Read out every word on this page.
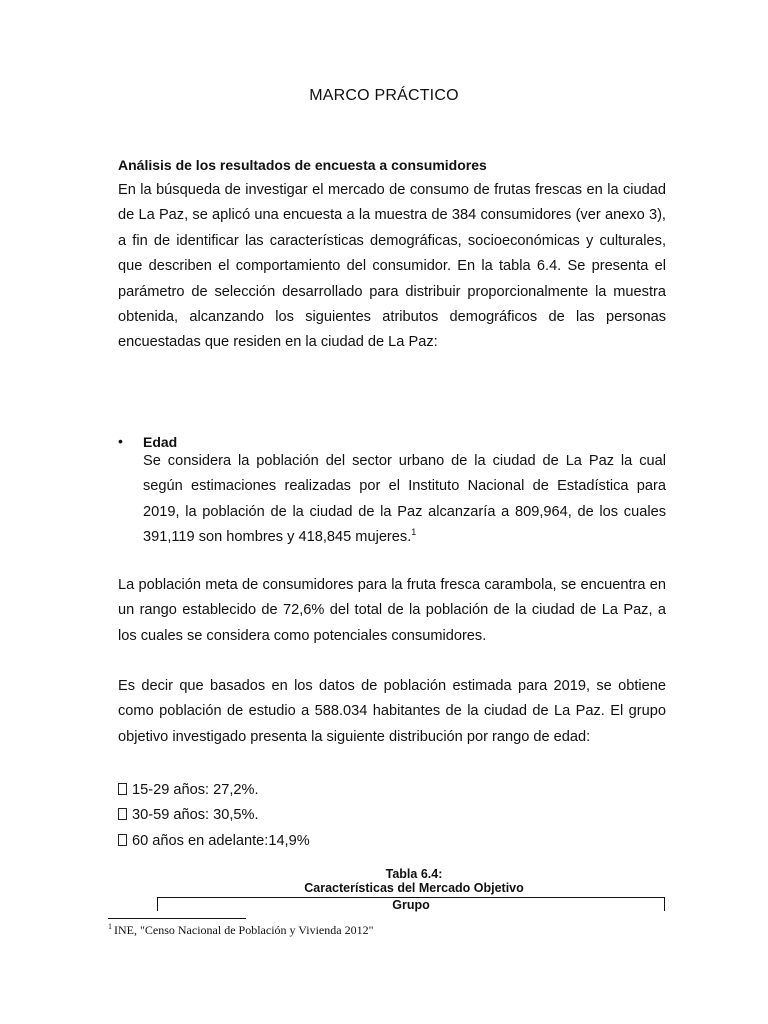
MARCO PRÁCTICO
Análisis de los resultados de encuesta a consumidores

En la búsqueda de investigar el mercado de consumo de frutas frescas en la ciudad de La Paz, se aplicó una encuesta a la muestra de 384 consumidores (ver anexo 3), a fin de identificar las características demográficas, socioeconómicas y culturales, que describen el comportamiento del consumidor. En la tabla 6.4. Se presenta el parámetro de selección desarrollado para distribuir proporcionalmente la muestra obtenida, alcanzando los siguientes atributos demográficos de las personas encuestadas que residen en la ciudad de La Paz:

• Edad

Se considera la población del sector urbano de la ciudad de La Paz la cual según estimaciones realizadas por el Instituto Nacional de Estadística para 2019, la población de la ciudad de la Paz alcanzaría a 809,964, de los cuales 391,119 son hombres y 418,845 mujeres.$^1$

La población meta de consumidores para la fruta fresca carambola, se encuentra en un rango establecido de 72,6% del total de la población de la ciudad de La Paz, a los cuales se considera como potenciales consumidores.

Es decir que basados en los datos de población estimada para 2019, se obtiene como población de estudio a 588.034 habitantes de la ciudad de La Paz. El grupo objetivo investigado presenta la siguiente distribución por rango de edad:

15-29 años: 27,2%.
30-59 años: 30,5%.
60 años en adelante:14,9%
Tabla 6.4:
Características del Mercado Objetivo
Grupo
$^1$ INE, "Censo Nacional de Población y Vivienda 2012"
